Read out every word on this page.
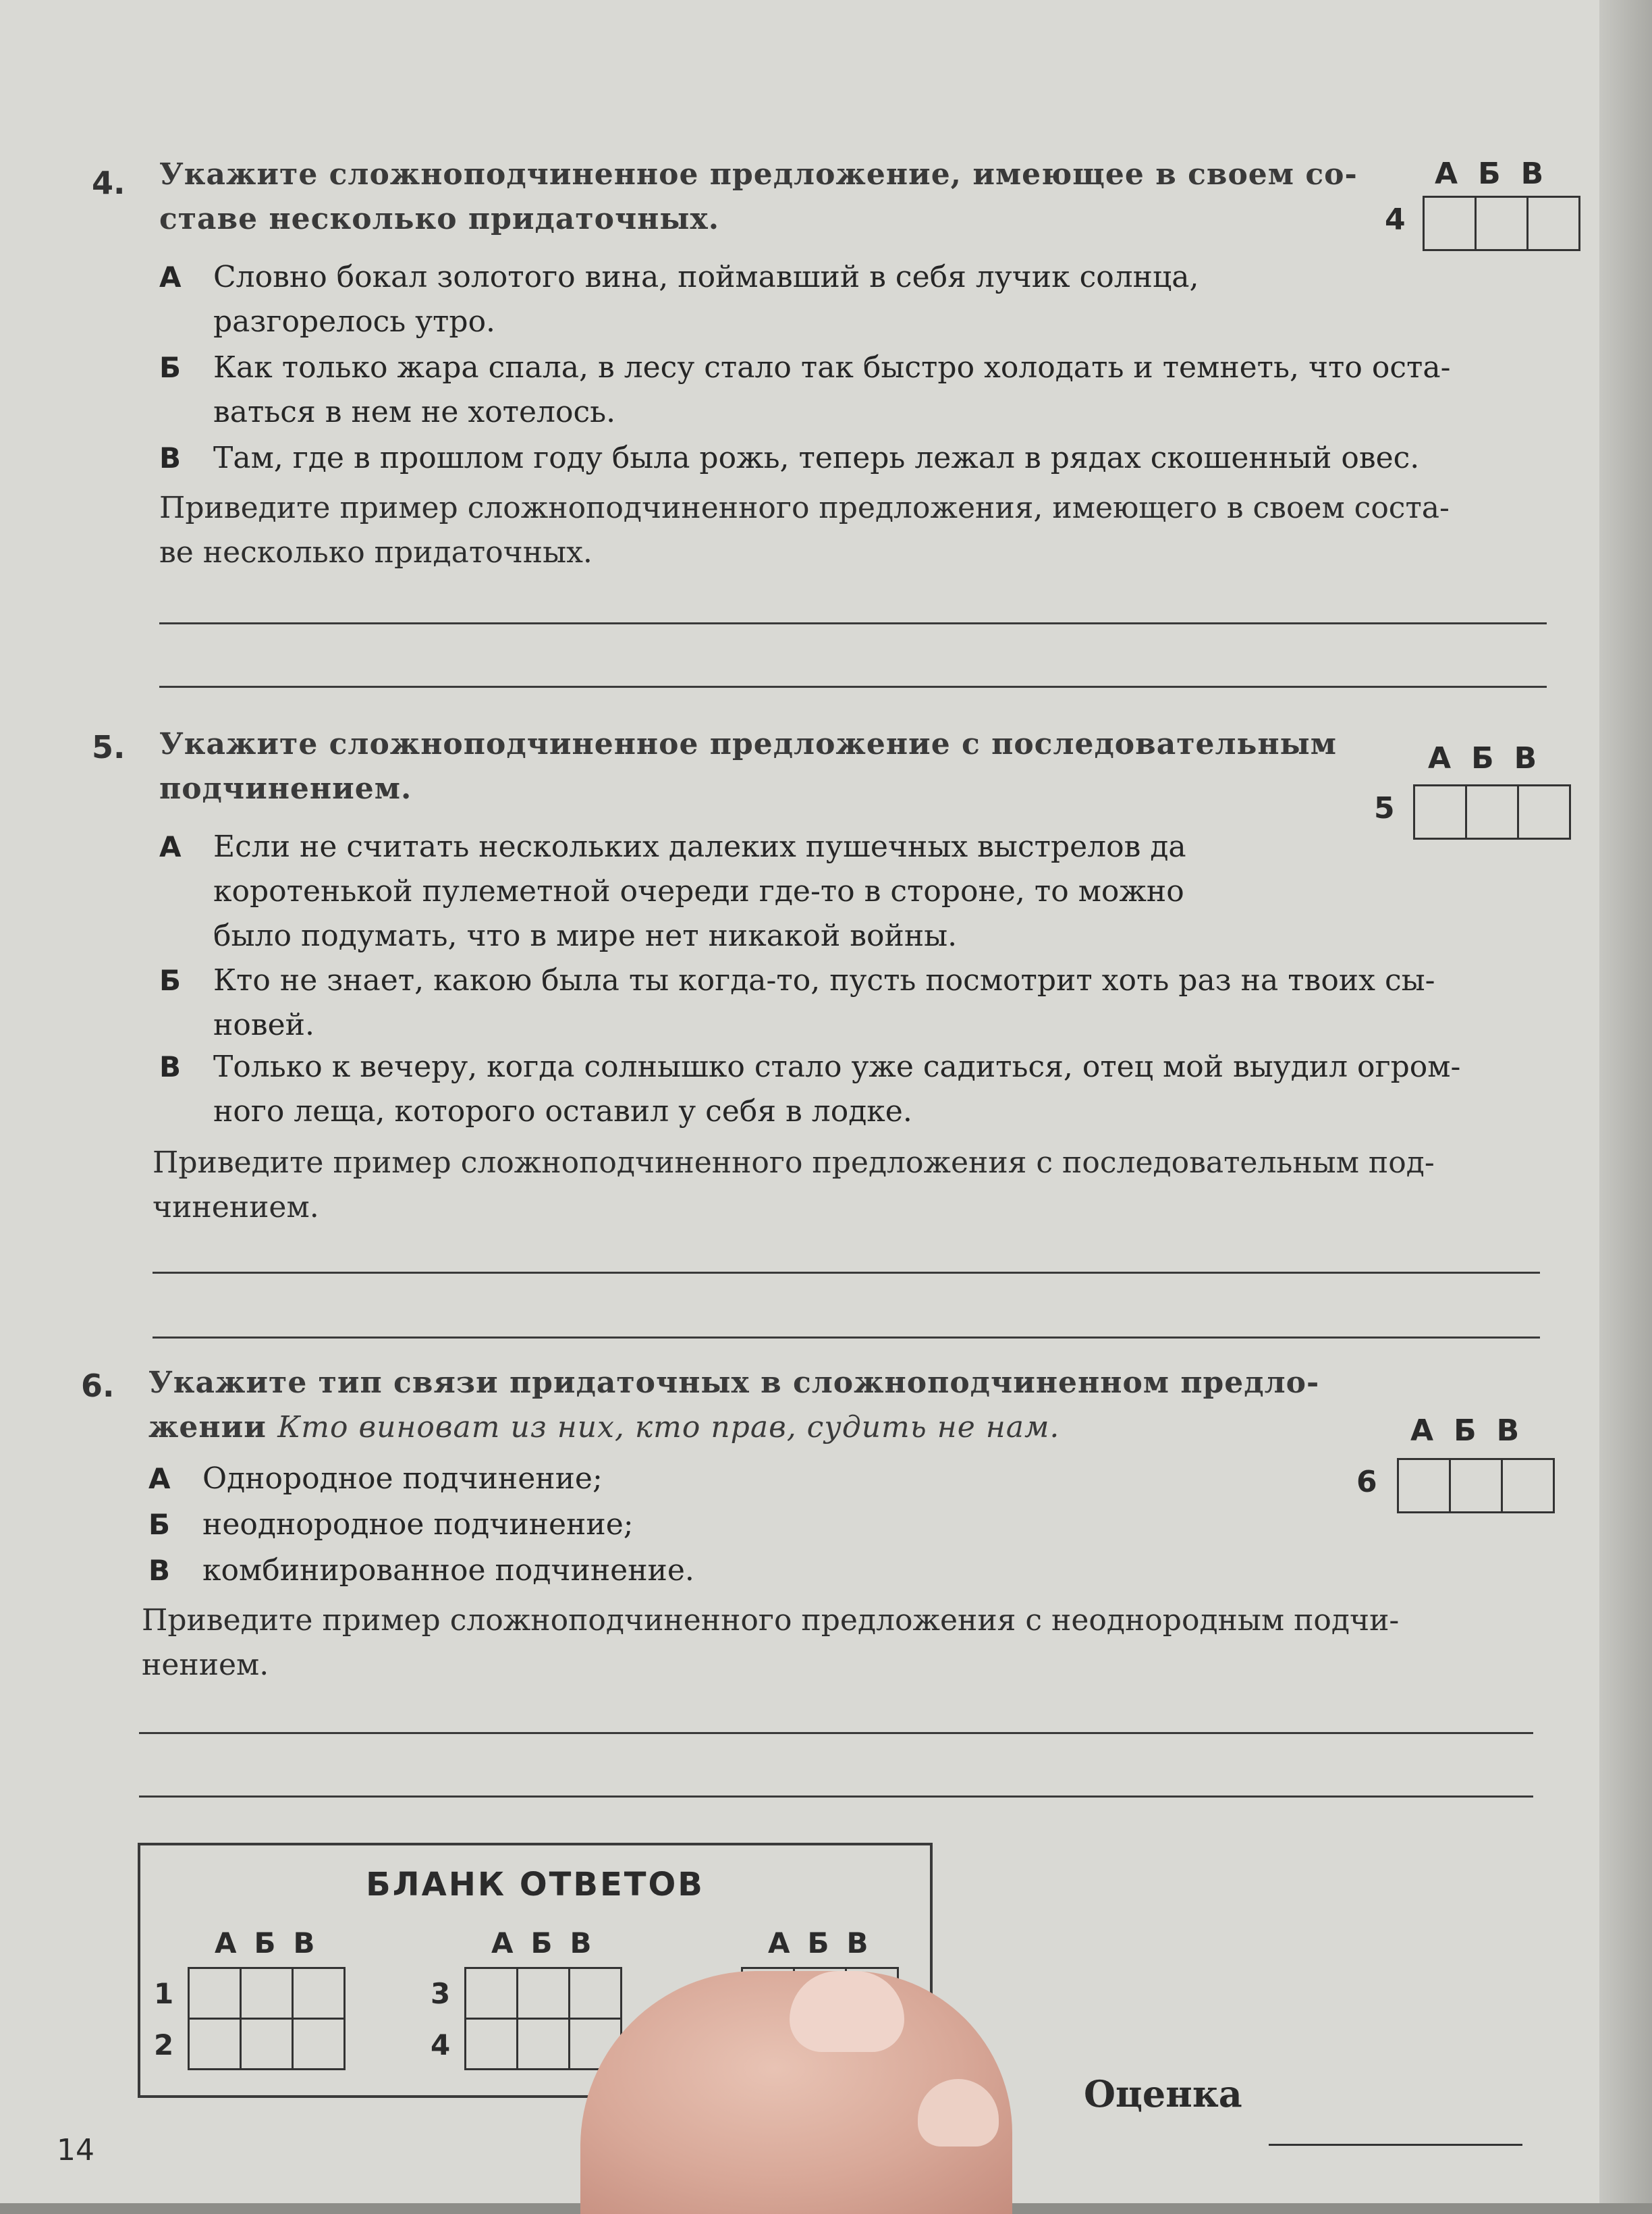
4. Укажите сложноподчиненное предложение, имеющее в своем со-
ставе несколько придаточных.
А Словно бокал золотого вина, поймавший в себя лучик солнца,
разгорелось утро.
Б Как только жара спала, в лесу стало так быстро холодать и темнеть, что оста-
ваться в нем не хотелось.
В Там, где в прошлом году была рожь, теперь лежал в рядах скошенный овес.
Приведите пример сложноподчиненного предложения, имеющего в своем соста-
ве несколько придаточных.
А Б В
4
5. Укажите сложноподчиненное предложение с последовательным
подчинением.
А Если не считать нескольких далеких пушечных выстрелов да
коротенькой пулеметной очереди где-то в стороне, то можно
было подумать, что в мире нет никакой войны.
Б Кто не знает, какою была ты когда-то, пусть посмотрит хоть раз на твоих сы-
новей.
В Только к вечеру, когда солнышко стало уже садиться, отец мой выудил огром-
ного леща, которого оставил у себя в лодке.
Приведите пример сложноподчиненного предложения с последовательным под-
чинением.
А Б В
5
6. Укажите тип связи придаточных в сложноподчиненном предло-
жении Кто виноват из них, кто прав, судить не нам.
А Однородное подчинение;
Б неоднородное подчинение;
В комбинированное подчинение.
Приведите пример сложноподчиненного предложения с неоднородным подчи-
нением.
А Б В
6
БЛАНК ОТВЕТОВ
А Б В
1
2
А Б В
3
4
А Б В
Оценка
14
